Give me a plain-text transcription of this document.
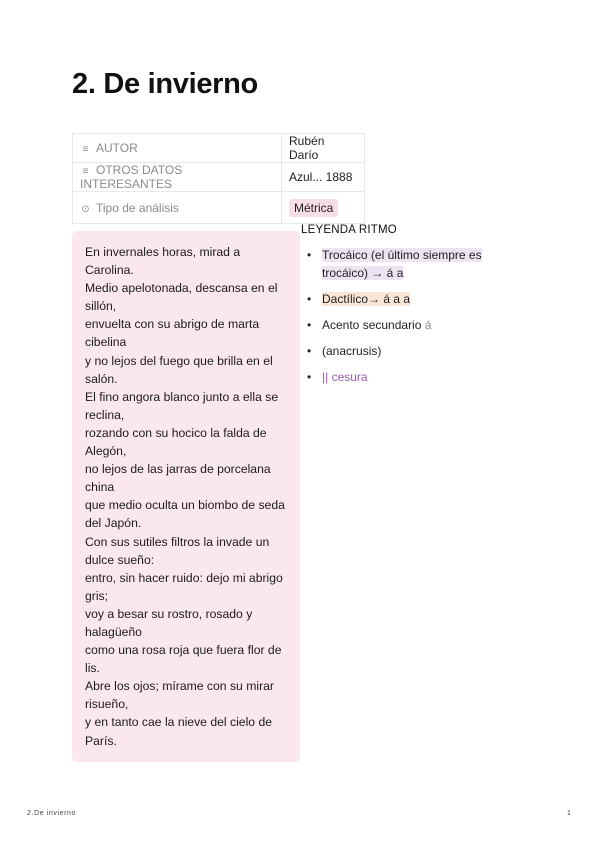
2. De invierno
≡ AUTOR	Rubén Darío
≡ OTROS DATOS INTERESANTES	Azul... 1888
⊙ Tipo de análisis	Métrica
En invernales horas, mirad a Carolina.
Medio apelotonada, descansa en el sillón,
envuelta con su abrigo de marta cibelina
y no lejos del fuego que brilla en el salón.
El fino angora blanco junto a ella se reclina,
rozando con su hocico la falda de Alegón,
no lejos de las jarras de porcelana china
que medio oculta un biombo de seda del Japón.
Con sus sutiles filtros la invade un dulce sueño:
entro, sin hacer ruido: dejo mi abrigo gris;
voy a besar su rostro, rosado y halagüeño
como una rosa roja que fuera flor de lis.
Abre los ojos; mírame con su mirar risueño,
y en tanto cae la nieve del cielo de París.
LEYENDA RITMO
• Trocáico (el último siempre es trocáico) → á a
• Dactílico→ á a a
• Acento secundario á
• (anacrusis)
• || cesura
2.De invierno	1
